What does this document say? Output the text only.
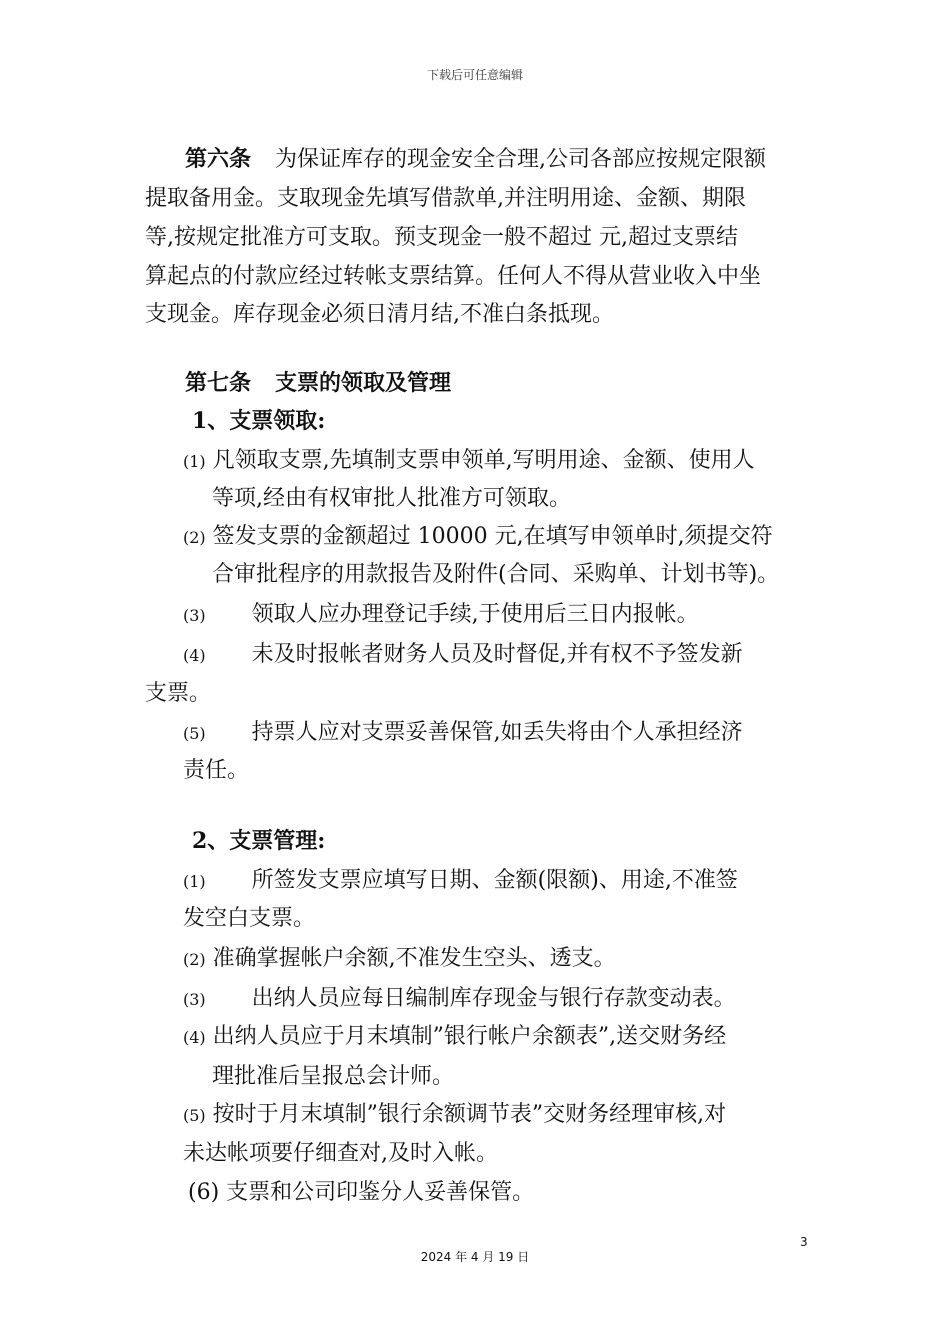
下载后可任意编辑
第六条 为保证库存的现金安全合理,公司各部应按规定限额
提取备用金。支取现金先填写借款单,并注明用途、金额、期限
等,按规定批准方可支取。预支现金一般不超过 元,超过支票结
算起点的付款应经过转帐支票结算。任何人不得从营业收入中坐
支现金。库存现金必须日清月结,不准白条抵现。
第七条 支票的领取及管理
1、支票领取:
(1) 凡领取支票,先填制支票申领单,写明用途、金额、使用人
等项,经由有权审批人批准方可领取。
(2) 签发支票的金额超过 10000 元,在填写申领单时,须提交符
合审批程序的用款报告及附件(合同、采购单、计划书等)。
(3) 领取人应办理登记手续,于使用后三日内报帐。
(4) 未及时报帐者财务人员及时督促,并有权不予签发新
支票。
(5) 持票人应对支票妥善保管,如丢失将由个人承担经济
责任。
2、支票管理:
(1) 所签发支票应填写日期、金额(限额)、用途,不准签
发空白支票。
(2) 准确掌握帐户余额,不准发生空头、透支。
(3) 出纳人员应每日编制库存现金与银行存款变动表。
(4) 出纳人员应于月末填制”银行帐户余额表”,送交财务经
理批准后呈报总会计师。
(5) 按时于月末填制”银行余额调节表”交财务经理审核,对
未达帐项要仔细查对,及时入帐。
(6) 支票和公司印鉴分人妥善保管。
3
2024 年 4 月 19 日
